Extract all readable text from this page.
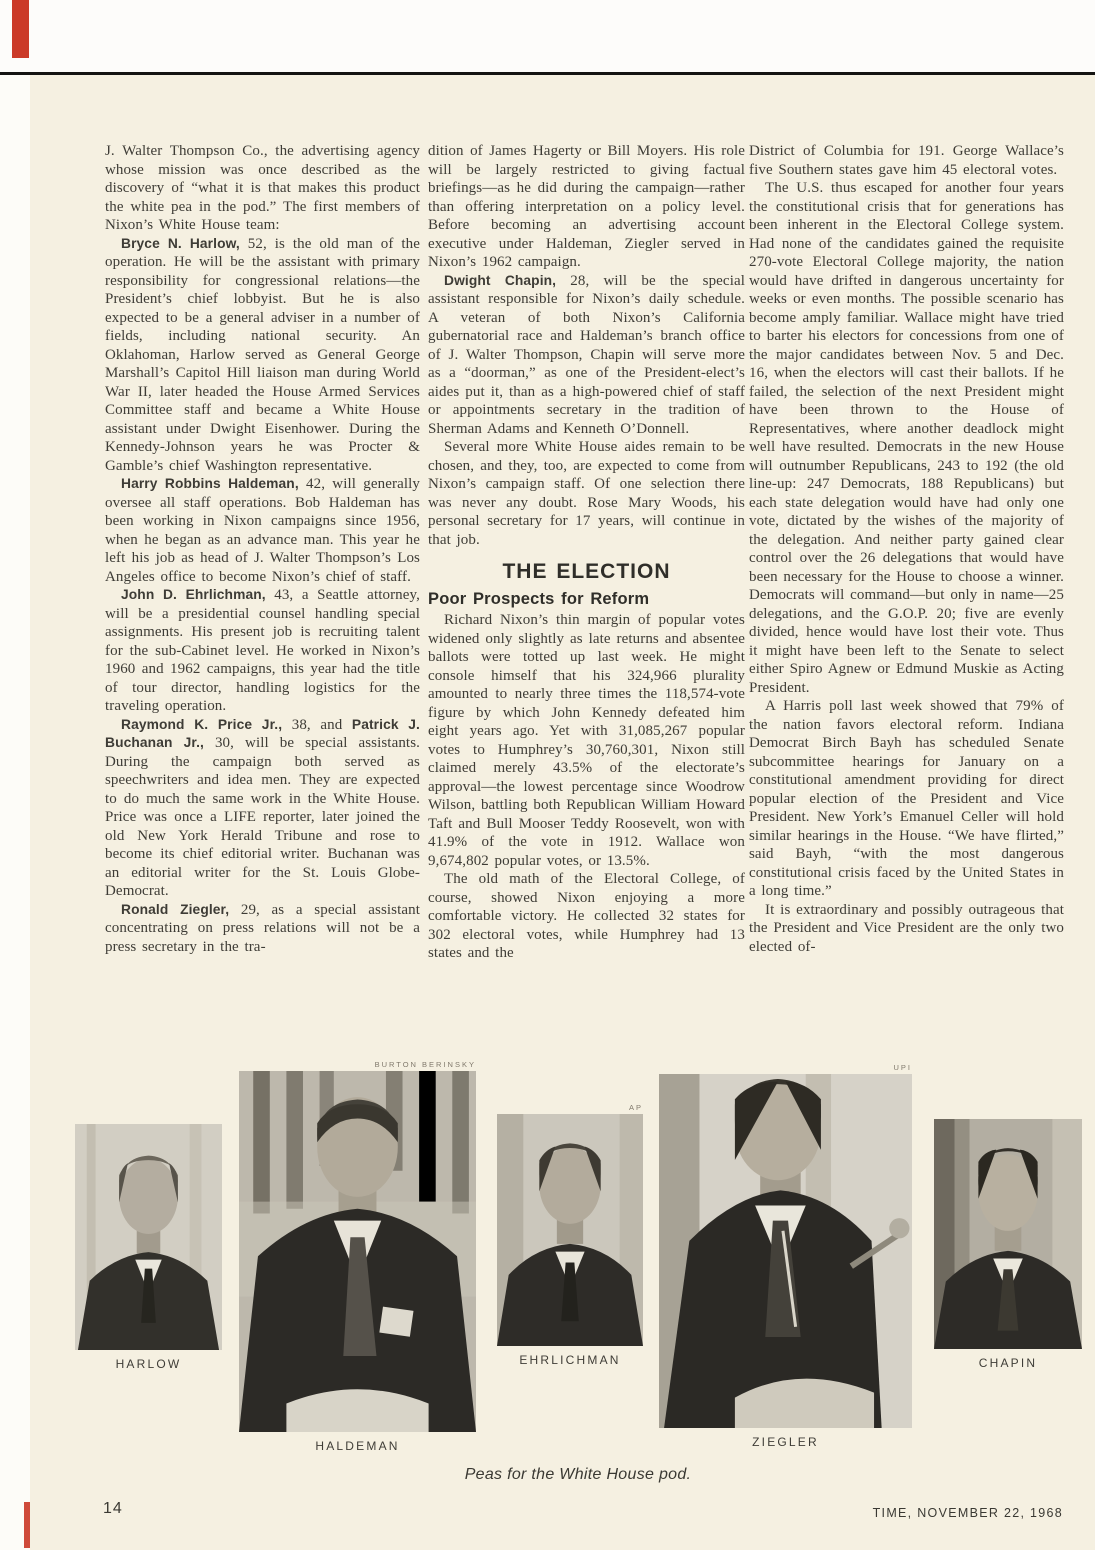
J. Walter Thompson Co., the advertising agency whose mission was once described as the discovery of “what it is that makes this product the white pea in the pod.” The first members of Nixon’s White House team:

Bryce N. Harlow, 52, is the old man of the operation. He will be the assistant with primary responsibility for congressional relations—the President’s chief lobbyist. But he is also expected to be a general adviser in a number of fields, including national security. An Oklahoman, Harlow served as General George Marshall’s Capitol Hill liaison man during World War II, later headed the House Armed Services Committee staff and became a White House assistant under Dwight Eisenhower. During the Kennedy-Johnson years he was Procter & Gamble’s chief Washington representative.

Harry Robbins Haldeman, 42, will generally oversee all staff operations. Bob Haldeman has been working in Nixon campaigns since 1956, when he began as an advance man. This year he left his job as head of J. Walter Thompson’s Los Angeles office to become Nixon’s chief of staff.

John D. Ehrlichman, 43, a Seattle attorney, will be a presidential counsel handling special assignments. His present job is recruiting talent for the sub-Cabinet level. He worked in Nixon’s 1960 and 1962 campaigns, this year had the title of tour director, handling logistics for the traveling operation.

Raymond K. Price Jr., 38, and Patrick J. Buchanan Jr., 30, will be special assistants. During the campaign both served as speechwriters and idea men. They are expected to do much the same work in the White House. Price was once a LIFE reporter, later joined the old New York Herald Tribune and rose to become its chief editorial writer. Buchanan was an editorial writer for the St. Louis Globe-Democrat.

Ronald Ziegler, 29, as a special assistant concentrating on press relations will not be a press secretary in the tra-

dition of James Hagerty or Bill Moyers. His role will be largely restricted to giving factual briefings—as he did during the campaign—rather than offering interpretation on a policy level. Before becoming an advertising account executive under Haldeman, Ziegler served in Nixon’s 1962 campaign.

Dwight Chapin, 28, will be the special assistant responsible for Nixon’s daily schedule. A veteran of both Nixon’s California gubernatorial race and Haldeman’s branch office of J. Walter Thompson, Chapin will serve more as a “doorman,” as one of the President-elect’s aides put it, than as a high-powered chief of staff or appointments secretary in the tradition of Sherman Adams and Kenneth O’Donnell.

Several more White House aides remain to be chosen, and they, too, are expected to come from Nixon’s campaign staff. Of one selection there was never any doubt. Rose Mary Woods, his personal secretary for 17 years, will continue in that job.

THE ELECTION
Poor Prospects for Reform

Richard Nixon’s thin margin of popular votes widened only slightly as late returns and absentee ballots were totted up last week. He might console himself that his 324,966 plurality amounted to nearly three times the 118,574-vote figure by which John Kennedy defeated him eight years ago. Yet with 31,085,267 popular votes to Humphrey’s 30,760,301, Nixon still claimed merely 43.5% of the electorate’s approval—the lowest percentage since Woodrow Wilson, battling both Republican William Howard Taft and Bull Mooser Teddy Roosevelt, won with 41.9% of the vote in 1912. Wallace won 9,674,802 popular votes, or 13.5%.

The old math of the Electoral College, of course, showed Nixon enjoying a more comfortable victory. He collected 32 states for 302 electoral votes, while Humphrey had 13 states and the

District of Columbia for 191. George Wallace’s five Southern states gave him 45 electoral votes.

The U.S. thus escaped for another four years the constitutional crisis that for generations has been inherent in the Electoral College system. Had none of the candidates gained the requisite 270-vote Electoral College majority, the nation would have drifted in dangerous uncertainty for weeks or even months. The possible scenario has become amply familiar. Wallace might have tried to barter his electors for concessions from one of the major candidates between Nov. 5 and Dec. 16, when the electors will cast their ballots. If he failed, the selection of the next President might have been thrown to the House of Representatives, where another deadlock might well have resulted. Democrats in the new House will outnumber Republicans, 243 to 192 (the old line-up: 247 Democrats, 188 Republicans) but each state delegation would have had only one vote, dictated by the wishes of the majority of the delegation. And neither party gained clear control over the 26 delegations that would have been necessary for the House to choose a winner. Democrats will command—but only in name—25 delegations, and the G.O.P. 20; five are evenly divided, hence would have lost their vote. Thus it might have been left to the Senate to select either Spiro Agnew or Edmund Muskie as Acting President.

A Harris poll last week showed that 79% of the nation favors electoral reform. Indiana Democrat Birch Bayh has scheduled Senate subcommittee hearings for January on a constitutional amendment providing for direct popular election of the President and Vice President. New York’s Emanuel Celler will hold similar hearings in the House. “We have flirted,” said Bayh, “with the most dangerous constitutional crisis faced by the United States in a long time.”

It is extraordinary and possibly outrageous that the President and Vice President are the only two elected of-

HARLOW
BURTON BERINSKY
HALDEMAN
AP
EHRLICHMAN
UPI
ZIEGLER
CHAPIN
Peas for the White House pod.
14	TIME, NOVEMBER 22, 1968
